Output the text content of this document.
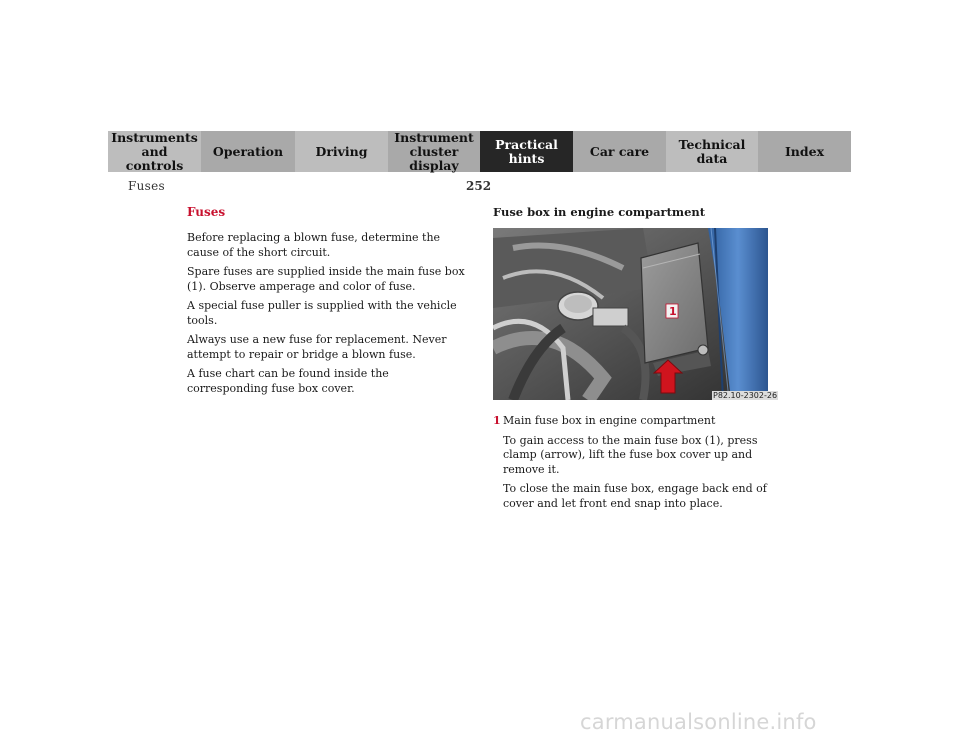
Instruments
and controls
Operation	Driving
Instrument
cluster display
Practical hints	Car care	Technical
data	Index
Fuses	252
Fuses

Before replacing a blown fuse, determine the cause of the short circuit.

Spare fuses are supplied inside the main fuse box (1). Observe amperage and color of fuse.

A special fuse puller is supplied with the vehicle tools.

Always use a new fuse for replacement. Never attempt to repair or bridge a blown fuse.

A fuse chart can be found inside the corresponding fuse box cover.

Fuse box in engine compartment
1
P82.10-2302-26
1 Main fuse box in engine compartment

To gain access to the main fuse box (1), press clamp (arrow), lift the fuse box cover up and remove it.

To close the main fuse box, engage back end of cover and let front end snap into place.

carmanualsonline.info
